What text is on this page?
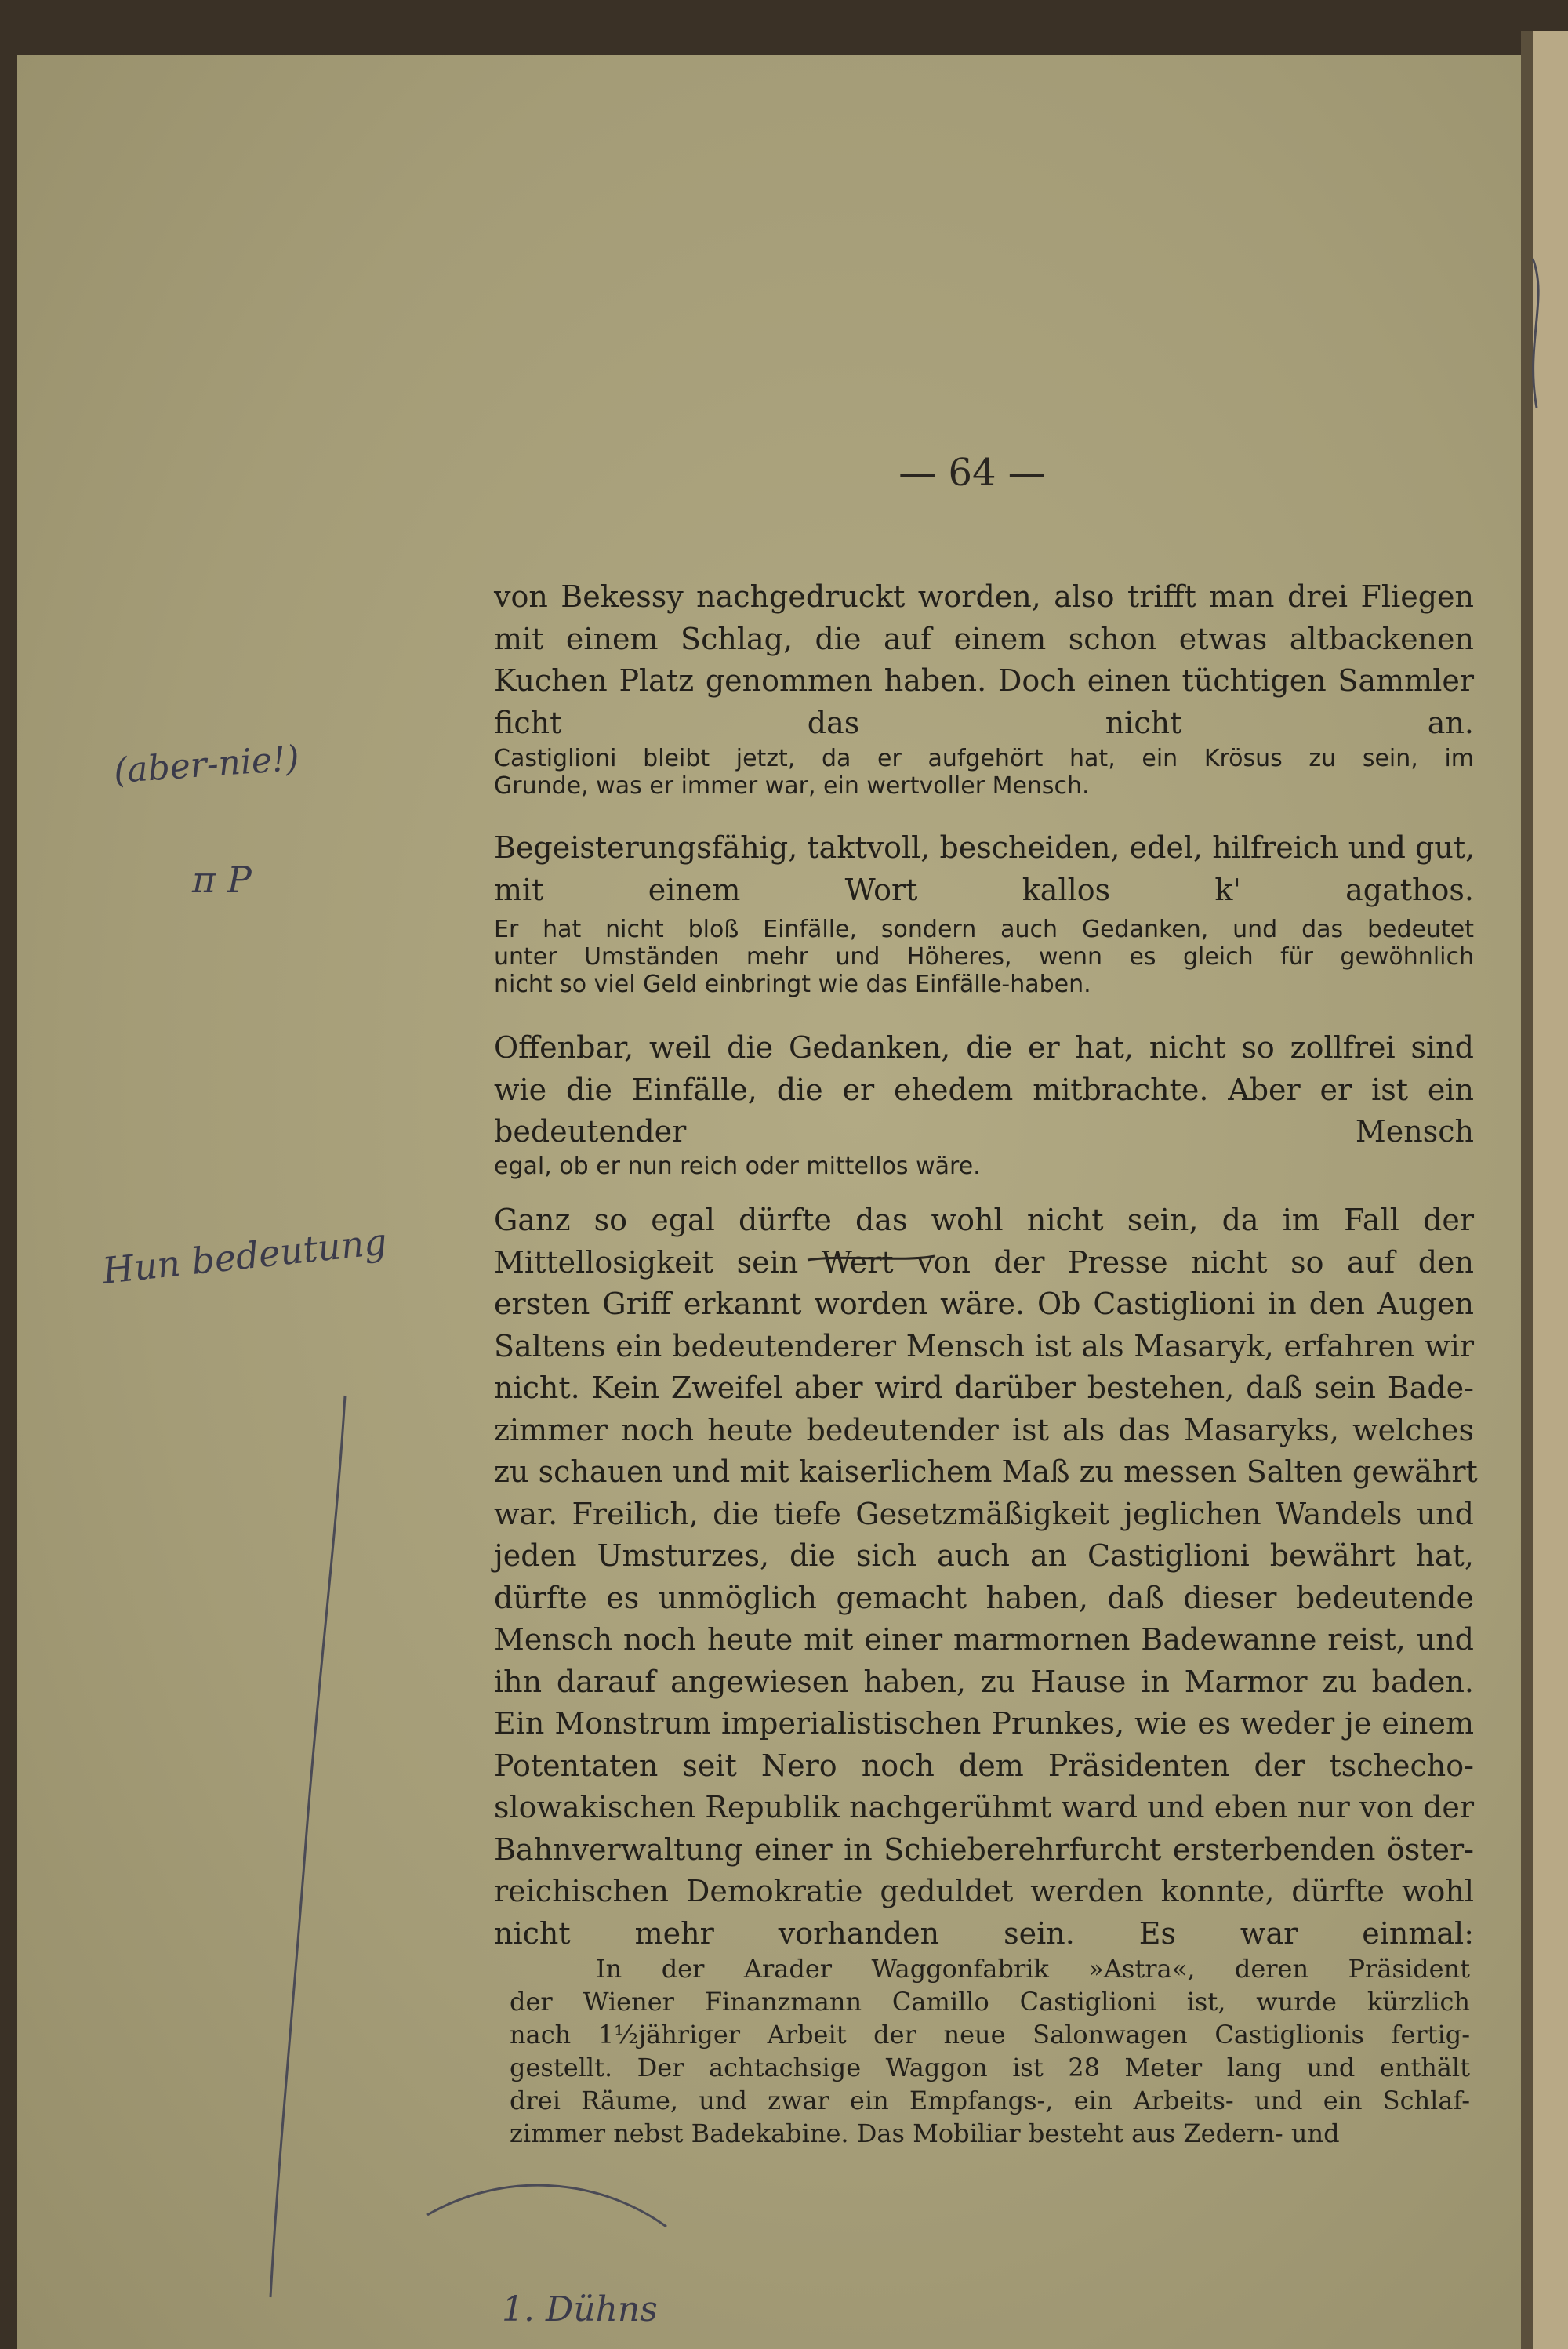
— 64 —
von Bekessy nachgedruckt worden, also trifft man drei Fliegen
mit einem Schlag, die auf einem schon etwas altbackenen
Kuchen Platz genommen haben. Doch einen tüchtigen Sammler
ficht das nicht an.
Castiglioni bleibt jetzt, da er aufgehört hat, ein Krösus zu sein, im
Grunde, was er immer war, ein wertvoller Mensch.
Begeisterungsfähig, taktvoll, bescheiden, edel, hilfreich und gut,
mit einem Wort kallos k' agathos.
Er hat nicht bloß Einfälle, sondern auch Gedanken, und das bedeutet
unter Umständen mehr und Höheres, wenn es gleich für gewöhnlich
nicht so viel Geld einbringt wie das Einfälle-haben.
Offenbar, weil die Gedanken, die er hat, nicht so zollfrei sind
wie die Einfälle, die er ehedem mitbrachte. Aber er ist ein
bedeutender Mensch
egal, ob er nun reich oder mittellos wäre.
Ganz so egal dürfte das wohl nicht sein, da im Fall der
Mittellosigkeit sein Wert von der Presse nicht so auf den
ersten Griff erkannt worden wäre. Ob Castiglioni in den Augen
Saltens ein bedeutenderer Mensch ist als Masaryk, erfahren wir
nicht. Kein Zweifel aber wird darüber bestehen, daß sein Bade-
zimmer noch heute bedeutender ist als das Masaryks, welches
zu schauen und mit kaiserlichem Maß zu messen Salten gewährt
war. Freilich, die tiefe Gesetzmäßigkeit jeglichen Wandels und
jeden Umsturzes, die sich auch an Castiglioni bewährt hat,
dürfte es unmöglich gemacht haben, daß dieser bedeutende
Mensch noch heute mit einer marmornen Badewanne reist, und
ihn darauf angewiesen haben, zu Hause in Marmor zu baden.
Ein Monstrum imperialistischen Prunkes, wie es weder je einem
Potentaten seit Nero noch dem Präsidenten der tschecho-
slowakischen Republik nachgerühmt ward und eben nur von der
Bahnverwaltung einer in Schieberehrfurcht ersterbenden öster-
reichischen Demokratie geduldet werden konnte, dürfte wohl
nicht mehr vorhanden sein. Es war einmal:
In der Arader Waggonfabrik »Astra«, deren Präsident
der Wiener Finanzmann Camillo Castiglioni ist, wurde kürzlich
nach 1½jähriger Arbeit der neue Salonwagen Castiglionis fertig-
gestellt. Der achtachsige Waggon ist 28 Meter lang und enthält
drei Räume, und zwar ein Empfangs-, ein Arbeits- und ein Schlaf-
zimmer nebst Badekabine. Das Mobiliar besteht aus Zedern- und
(aber-nie!)
π P
Hun bedeutung
1. Dühns
